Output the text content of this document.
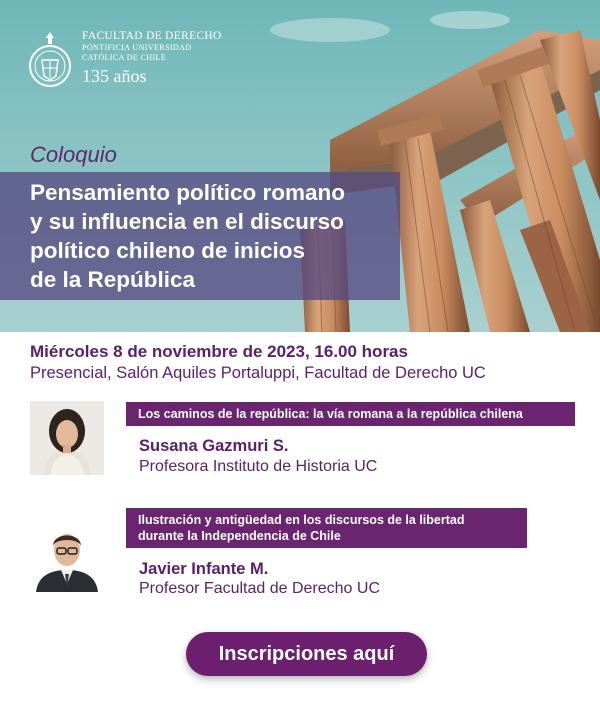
FACULTAD DE DERECHO
PONTIFICIA UNIVERSIDAD
CATÓLICA DE CHILE
135 años
Coloquio
Pensamiento político romano
y su influencia en el discurso
político chileno de inicios
de la República
Miércoles 8 de noviembre de 2023, 16.00 horas
Presencial, Salón Aquiles Portaluppi, Facultad de Derecho UC
Los caminos de la república: la vía romana a la república chilena
Susana Gazmuri S.
Profesora Instituto de Historia UC
Ilustración y antigüedad en los discursos de la libertad
durante la Independencia de Chile
Javier Infante M.
Profesor Facultad de Derecho UC
Inscripciones aquí
